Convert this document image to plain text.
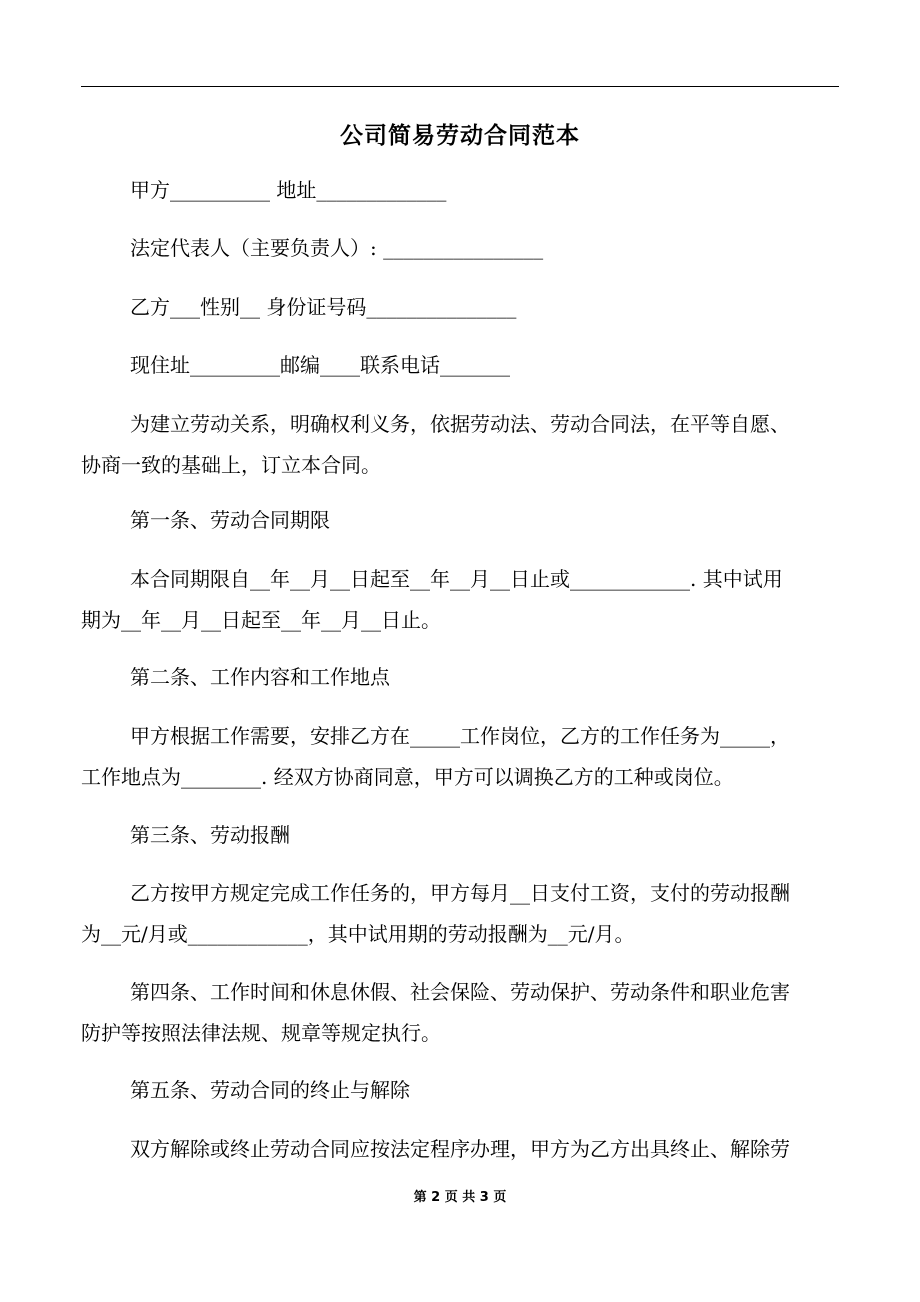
公司简易劳动合同范本
甲方__________ 地址_____________
法定代表人（主要负责人）: ________________
乙方___性别__ 身份证号码_______________
现住址_________邮编____联系电话_______
为建立劳动关系，明确权利义务，依据劳动法、劳动合同法，在平等自愿、
协商一致的基础上，订立本合同。
第一条、劳动合同期限
本合同期限自__年__月__日起至__年__月__日止或____________. 其中试用
期为__年__月__日起至__年__月__日止。
第二条、工作内容和工作地点
甲方根据工作需要，安排乙方在_____工作岗位，乙方的工作任务为_____，
工作地点为________. 经双方协商同意，甲方可以调换乙方的工种或岗位。
第三条、劳动报酬
乙方按甲方规定完成工作任务的，甲方每月__日支付工资，支付的劳动报酬
为__元/月或____________，其中试用期的劳动报酬为__元/月。
第四条、工作时间和休息休假、社会保险、劳动保护、劳动条件和职业危害
防护等按照法律法规、规章等规定执行。
第五条、劳动合同的终止与解除
双方解除或终止劳动合同应按法定程序办理，甲方为乙方出具终止、解除劳
第 2 页 共 3 页
